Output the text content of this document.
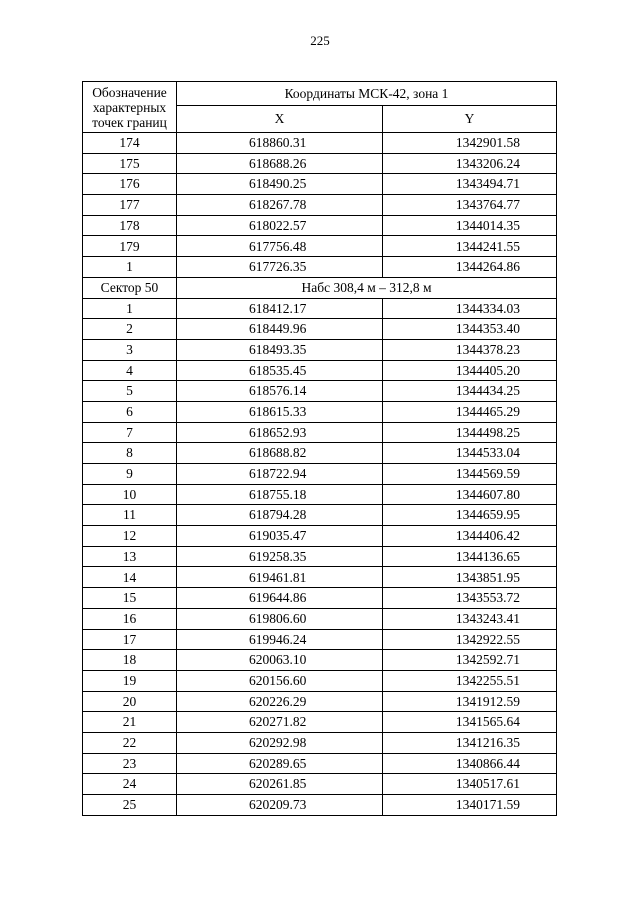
225
Обозначение характерных точек границ	Координаты МСК-42, зона 1	
	X	Y
174	618860.31	1342901.58
175	618688.26	1343206.24
176	618490.25	1343494.71
177	618267.78	1343764.77
178	618022.57	1344014.35
179	617756.48	1344241.55
1	617726.35	1344264.86
Сектор 50	Набс 308,4 м – 312,8 м	
1	618412.17	1344334.03
2	618449.96	1344353.40
3	618493.35	1344378.23
4	618535.45	1344405.20
5	618576.14	1344434.25
6	618615.33	1344465.29
7	618652.93	1344498.25
8	618688.82	1344533.04
9	618722.94	1344569.59
10	618755.18	1344607.80
11	618794.28	1344659.95
12	619035.47	1344406.42
13	619258.35	1344136.65
14	619461.81	1343851.95
15	619644.86	1343553.72
16	619806.60	1343243.41
17	619946.24	1342922.55
18	620063.10	1342592.71
19	620156.60	1342255.51
20	620226.29	1341912.59
21	620271.82	1341565.64
22	620292.98	1341216.35
23	620289.65	1340866.44
24	620261.85	1340517.61
25	620209.73	1340171.59
